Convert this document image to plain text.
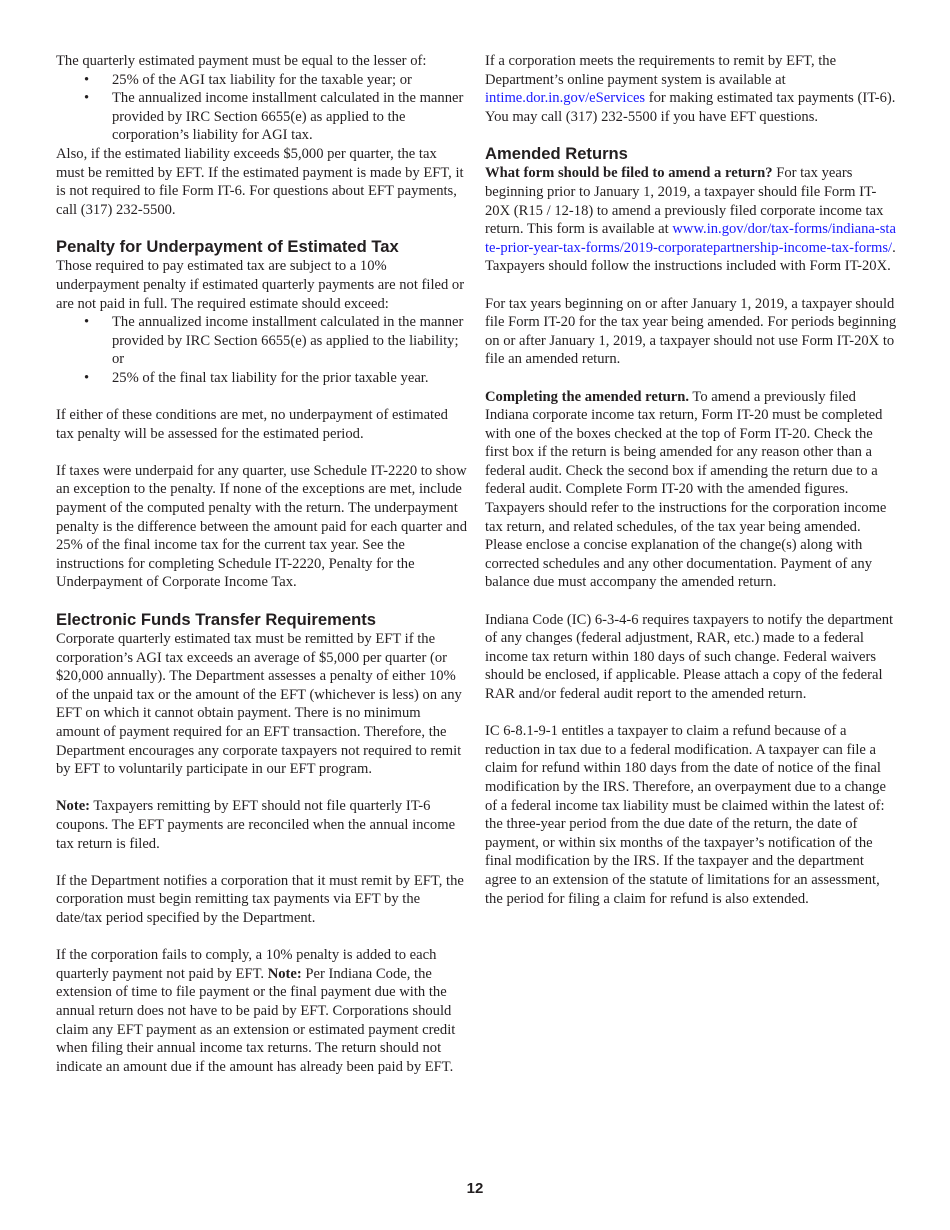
The quarterly estimated payment must be equal to the lesser of:

• 25% of the AGI tax liability for the taxable year; or
• The annualized income installment calculated in the manner provided by IRC Section 6655(e) as applied to the corporation’s liability for AGI tax.

Also, if the estimated liability exceeds $5,000 per quarter, the tax must be remitted by EFT. If the estimated payment is made by EFT, it is not required to file Form IT-6. For questions about EFT payments, call (317) 232-5500.

Penalty for Underpayment of Estimated Tax

Those required to pay estimated tax are subject to a 10% underpayment penalty if estimated quarterly payments are not filed or are not paid in full. The required estimate should exceed:

• The annualized income installment calculated in the manner provided by IRC Section 6655(e) as applied to the liability; or
• 25% of the final tax liability for the prior taxable year.

If either of these conditions are met, no underpayment of estimated tax penalty will be assessed for the estimated period.

If taxes were underpaid for any quarter, use Schedule IT-2220 to show an exception to the penalty. If none of the exceptions are met, include payment of the computed penalty with the return. The underpayment penalty is the difference between the amount paid for each quarter and 25% of the final income tax for the current tax year. See the instructions for completing Schedule IT-2220, Penalty for the Underpayment of Corporate Income Tax.

Electronic Funds Transfer Requirements

Corporate quarterly estimated tax must be remitted by EFT if the corporation’s AGI tax exceeds an average of $5,000 per quarter (or $20,000 annually). The Department assesses a penalty of either 10% of the unpaid tax or the amount of the EFT (whichever is less) on any EFT on which it cannot obtain payment. There is no minimum amount of payment required for an EFT transaction. Therefore, the Department encourages any corporate taxpayers not required to remit by EFT to voluntarily participate in our EFT program.

Note: Taxpayers remitting by EFT should not file quarterly IT-6 coupons. The EFT payments are reconciled when the annual income tax return is filed.

If the Department notifies a corporation that it must remit by EFT, the corporation must begin remitting tax payments via EFT by the date/tax period specified by the Department.

If the corporation fails to comply, a 10% penalty is added to each quarterly payment not paid by EFT. Note: Per Indiana Code, the extension of time to file payment or the final payment due with the annual return does not have to be paid by EFT. Corporations should claim any EFT payment as an extension or estimated payment credit when filing their annual income tax returns. The return should not indicate an amount due if the amount has already been paid by EFT.

If a corporation meets the requirements to remit by EFT, the Department’s online payment system is available at intime.dor.in.gov/eServices for making estimated tax payments (IT-6). You may call (317) 232-5500 if you have EFT questions.

Amended Returns

What form should be filed to amend a return? For tax years beginning prior to January 1, 2019, a taxpayer should file Form IT-20X (R15 / 12-18) to amend a previously filed corporate income tax return. This form is available at www.in.gov/dor/tax-forms/indiana-state-prior-year-tax-forms/2019-corporatepartnership-income-tax-forms/. Taxpayers should follow the instructions included with Form IT-20X.

For tax years beginning on or after January 1, 2019, a taxpayer should file Form IT-20 for the tax year being amended. For periods beginning on or after January 1, 2019, a taxpayer should not use Form IT-20X to file an amended return.

Completing the amended return. To amend a previously filed Indiana corporate income tax return, Form IT-20 must be completed with one of the boxes checked at the top of Form IT-20. Check the first box if the return is being amended for any reason other than a federal audit. Check the second box if amending the return due to a federal audit. Complete Form IT-20 with the amended figures. Taxpayers should refer to the instructions for the corporation income tax return, and related schedules, of the tax year being amended. Please enclose a concise explanation of the change(s) along with corrected schedules and any other documentation. Payment of any balance due must accompany the amended return.

Indiana Code (IC) 6-3-4-6 requires taxpayers to notify the department of any changes (federal adjustment, RAR, etc.) made to a federal income tax return within 180 days of such change. Federal waivers should be enclosed, if applicable. Please attach a copy of the federal RAR and/or federal audit report to the amended return.

IC 6-8.1-9-1 entitles a taxpayer to claim a refund because of a reduction in tax due to a federal modification. A taxpayer can file a claim for refund within 180 days from the date of notice of the final modification by the IRS. Therefore, an overpayment due to a change of a federal income tax liability must be claimed within the latest of: the three-year period from the due date of the return, the date of payment, or within six months of the taxpayer’s notification of the final modification by the IRS. If the taxpayer and the department agree to an extension of the statute of limitations for an assessment, the period for filing a claim for refund is also extended.

12
